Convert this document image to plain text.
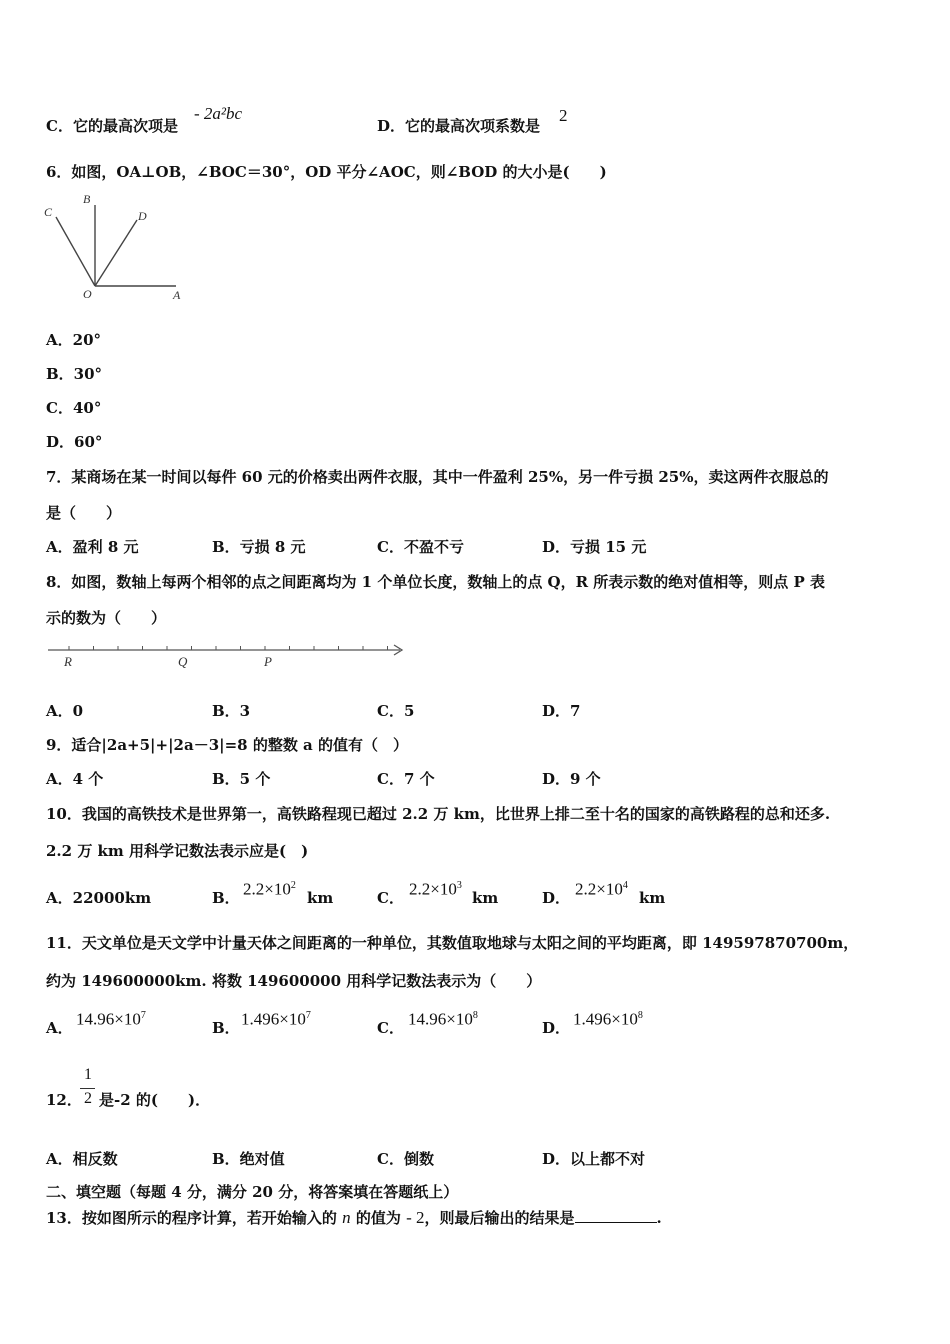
C．它的最高次项是
- 2a²bc
D．它的最高次项系数是
2
6．如图，OA⊥OB，∠BOC＝30°，OD 平分∠AOC，则∠BOD 的大小是(　　)
C
B
D
O	A
A．20°
B．30°
C．40°
D．60°
7．某商场在某一时间以每件 60 元的价格卖出两件衣服，其中一件盈利 25%，另一件亏损 25%，卖这两件衣服总的
是（　　）
A．盈利 8 元	B．亏损 8 元	C．不盈不亏	D．亏损 15 元
8．如图，数轴上每两个相邻的点之间距离均为 1 个单位长度，数轴上的点 Q，R 所表示数的绝对值相等，则点 P 表
示的数为（　　）
R	Q	P
A．0	B．3	C．5	D．7
9．适合|2a+5|+|2a－3|=8 的整数 a 的值有（　）
A．4 个	B．5 个	C．7 个	D．9 个
10．我国的高铁技术是世界第一，高铁路程现已超过 2.2 万 km，比世界上排二至十名的国家的高铁路程的总和还多.
2.2 万 km 用科学记数法表示应是(　)
A．22000km	B． $2.2\times 10^2$
km	C． $2.2\times 10^3$
km	D． $2.2\times 10^4$
km
11．天文单位是天文学中计量天体之间距离的一种单位，其数值取地球与太阳之间的平均距离，即 149597870700m，
约为 149600000km. 将数 149600000 用科学记数法表示为（　　）
A． $14.96\times 10^7$
B． $1.496\times 10^7$
C． $14.96\times 10^8$
D． $1.496\times 10^8$
12．
1
2 是-2 的(　　)．
A．相反数	B．绝对值	C．倒数	D．以上都不对
二、填空题（每题 4 分，满分 20 分，将答案填在答题纸上）
13．按如图所示的程序计算，若开始输入的 n 的值为 - 2，则最后输出的结果是	.
